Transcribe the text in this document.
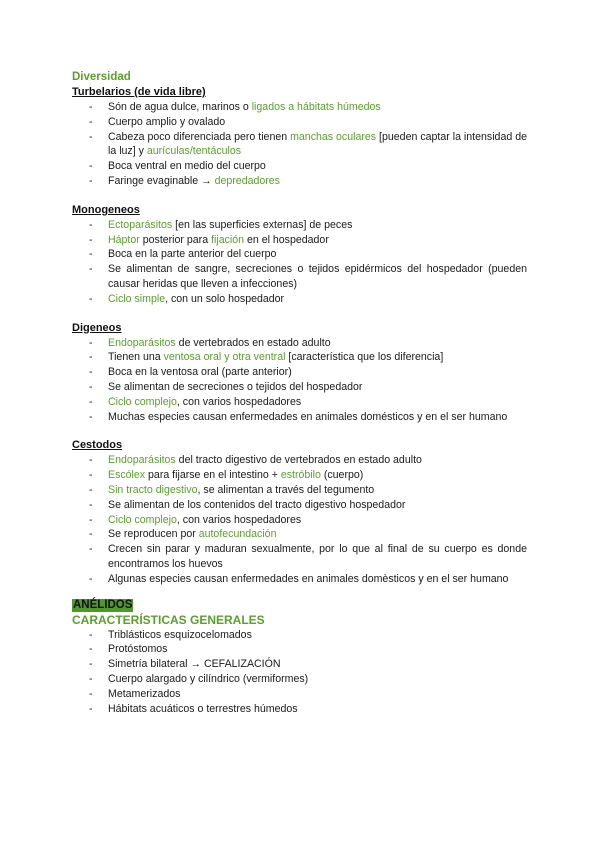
Diversidad
Turbelarios (de vida libre)
- Són de agua dulce, marinos o ligados a hábitats húmedos
- Cuerpo amplio y ovalado
- Cabeza poco diferenciada pero tienen manchas oculares [pueden captar la intensidad de la luz] y aurículas/tentáculos
- Boca ventral en medio del cuerpo
- Faringe evaginable → depredadores
Monogeneos
- Ectoparásitos [en las superficies externas] de peces
- Háptor posterior para fijación en el hospedador
- Boca en la parte anterior del cuerpo
- Se alimentan de sangre, secreciones o tejidos epidérmicos del hospedador (pueden causar heridas que lleven a infecciones)
- Ciclo simple, con un solo hospedador
Digeneos
- Endoparásitos de vertebrados en estado adulto
- Tienen una ventosa oral y otra ventral [característica que los diferencia]
- Boca en la ventosa oral (parte anterior)
- Se alimentan de secreciones o tejidos del hospedador
- Ciclo complejo, con varios hospedadores
- Muchas especies causan enfermedades en animales domésticos y en el ser humano
Cestodos
- Endoparásitos del tracto digestivo de vertebrados en estado adulto
- Escólex para fijarse en el intestino + estróbilo (cuerpo)
- Sin tracto digestivo, se alimentan a través del tegumento
- Se alimentan de los contenidos del tracto digestivo hospedador
- Ciclo complejo, con varios hospedadores
- Se reproducen por autofecundación
- Crecen sin parar y maduran sexualmente, por lo que al final de su cuerpo es donde encontramos los huevos
- Algunas especies causan enfermedades en animales domèsticos y en el ser humano
ANÉLIDOS
CARACTERÍSTICAS GENERALES
- Triblásticos esquizocelomados
- Protóstomos
- Simetría bilateral → CEFALIZACIÓN
- Cuerpo alargado y cilíndrico (vermiformes)
- Metamerizados
- Hábitats acuáticos o terrestres húmedos
